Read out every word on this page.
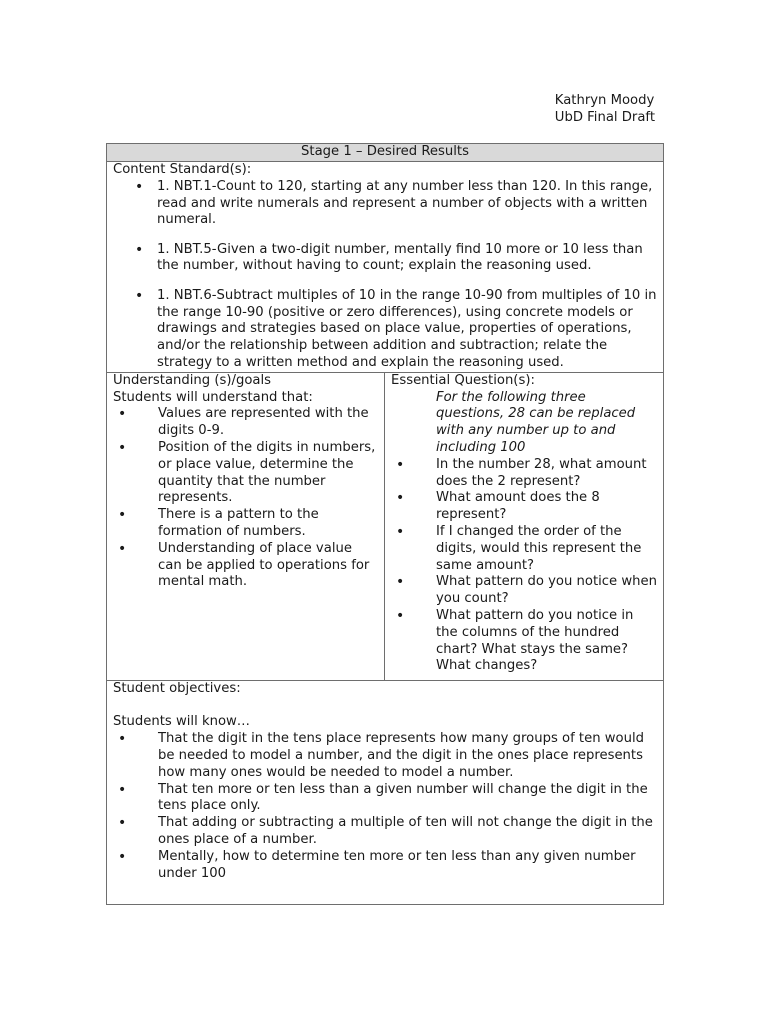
Kathryn Moody
UbD Final Draft
Stage 1 – Desired Results

Content Standard(s):
• 1. NBT.1-Count to 120, starting at any number less than 120. In this range, read and write numerals and represent a number of objects with a written numeral.
• 1. NBT.5-Given a two-digit number, mentally find 10 more or 10 less than the number, without having to count; explain the reasoning used.
• 1. NBT.6-Subtract multiples of 10 in the range 10-90 from multiples of 10 in the range 10-90 (positive or zero differences), using concrete models or drawings and strategies based on place value, properties of operations, and/or the relationship between addition and subtraction; relate the strategy to a written method and explain the reasoning used.

Understanding (s)/goals
Students will understand that:
• Values are represented with the digits 0-9.
• Position of the digits in numbers, or place value, determine the quantity that the number represents.
• There is a pattern to the formation of numbers.
• Understanding of place value can be applied to operations for mental math.

Essential Question(s):
For the following three questions, 28 can be replaced with any number up to and including 100
• In the number 28, what amount does the 2 represent?
• What amount does the 8 represent?
• If I changed the order of the digits, would this represent the same amount?
• What pattern do you notice when you count?
• What pattern do you notice in the columns of the hundred chart? What stays the same? What changes?

Student objectives:
Students will know…
• That the digit in the tens place represents how many groups of ten would be needed to model a number, and the digit in the ones place represents how many ones would be needed to model a number.
• That ten more or ten less than a given number will change the digit in the tens place only.
• That adding or subtracting a multiple of ten will not change the digit in the ones place of a number.
• Mentally, how to determine ten more or ten less than any given number under 100
